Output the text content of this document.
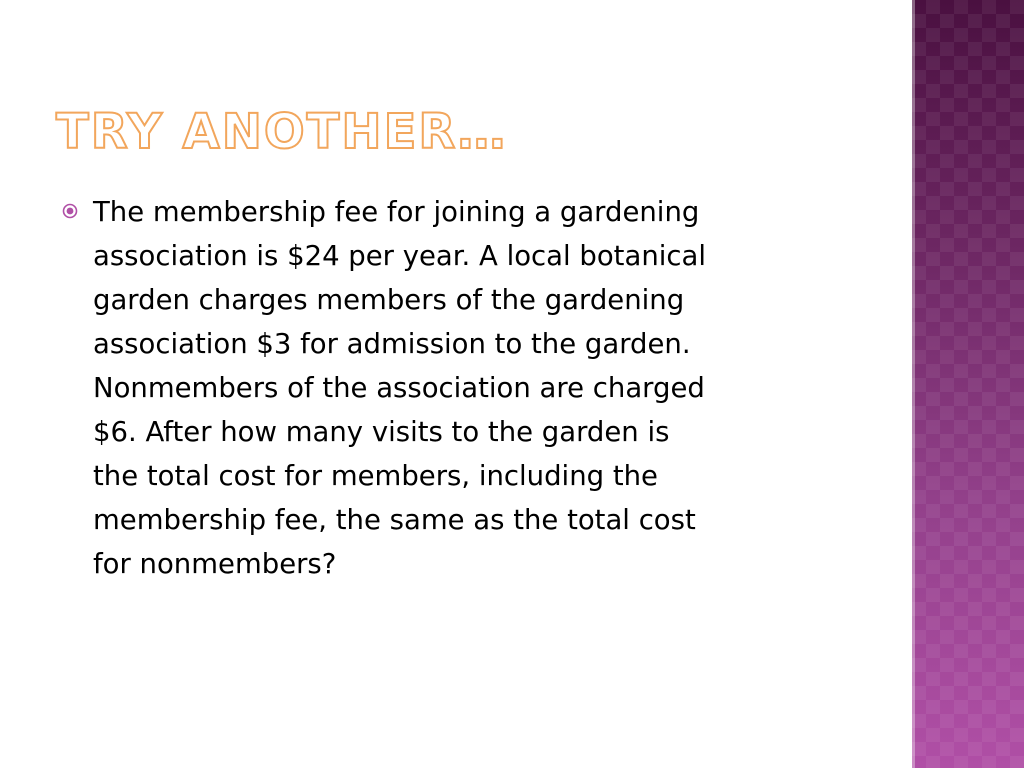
TRY ANOTHER…
The membership fee for joining a gardening
association is $24 per year. A local botanical
garden charges members of the gardening
association $3 for admission to the garden.
Nonmembers of the association are charged
$6. After how many visits to the garden is
the total cost for members, including the
membership fee, the same as the total cost
for nonmembers?
